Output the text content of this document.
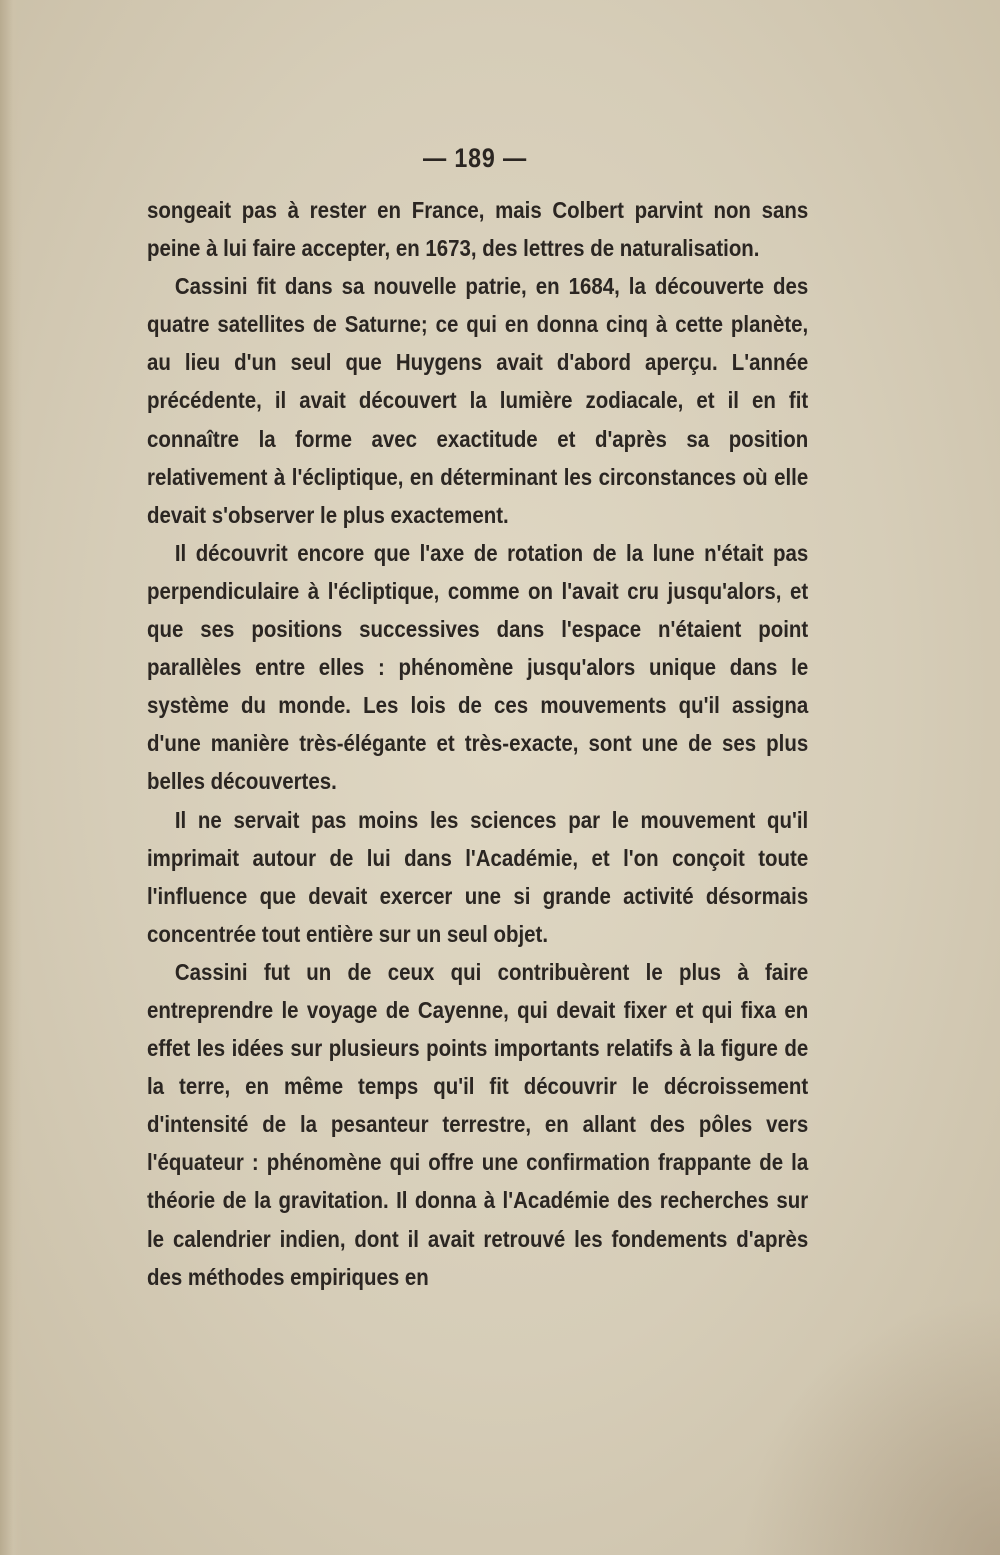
— 189 —

songeait pas à rester en France, mais Colbert parvint non sans peine à lui faire accepter, en 1673, des lettres de naturalisation.

Cassini fit dans sa nouvelle patrie, en 1684, la découverte des quatre satellites de Saturne; ce qui en donna cinq à cette planète, au lieu d'un seul que Huygens avait d'abord aperçu. L'année précédente, il avait découvert la lumière zodiacale, et il en fit connaître la forme avec exactitude et d'après sa position relativement à l'écliptique, en déterminant les circonstances où elle devait s'observer le plus exactement.

Il découvrit encore que l'axe de rotation de la lune n'était pas perpendiculaire à l'écliptique, comme on l'avait cru jusqu'alors, et que ses positions successives dans l'espace n'étaient point parallèles entre elles : phénomène jusqu'alors unique dans le système du monde. Les lois de ces mouvements qu'il assigna d'une manière très-élégante et très-exacte, sont une de ses plus belles découvertes.

Il ne servait pas moins les sciences par le mouvement qu'il imprimait autour de lui dans l'Académie, et l'on conçoit toute l'influence que devait exercer une si grande activité désormais concentrée tout entière sur un seul objet.

Cassini fut un de ceux qui contribuèrent le plus à faire entreprendre le voyage de Cayenne, qui devait fixer et qui fixa en effet les idées sur plusieurs points importants relatifs à la figure de la terre, en même temps qu'il fit découvrir le décroissement d'intensité de la pesanteur terrestre, en allant des pôles vers l'équateur : phénomène qui offre une confirmation frappante de la théorie de la gravitation. Il donna à l'Académie des recherches sur le calendrier indien, dont il avait retrouvé les fondements d'après des méthodes empiriques en
